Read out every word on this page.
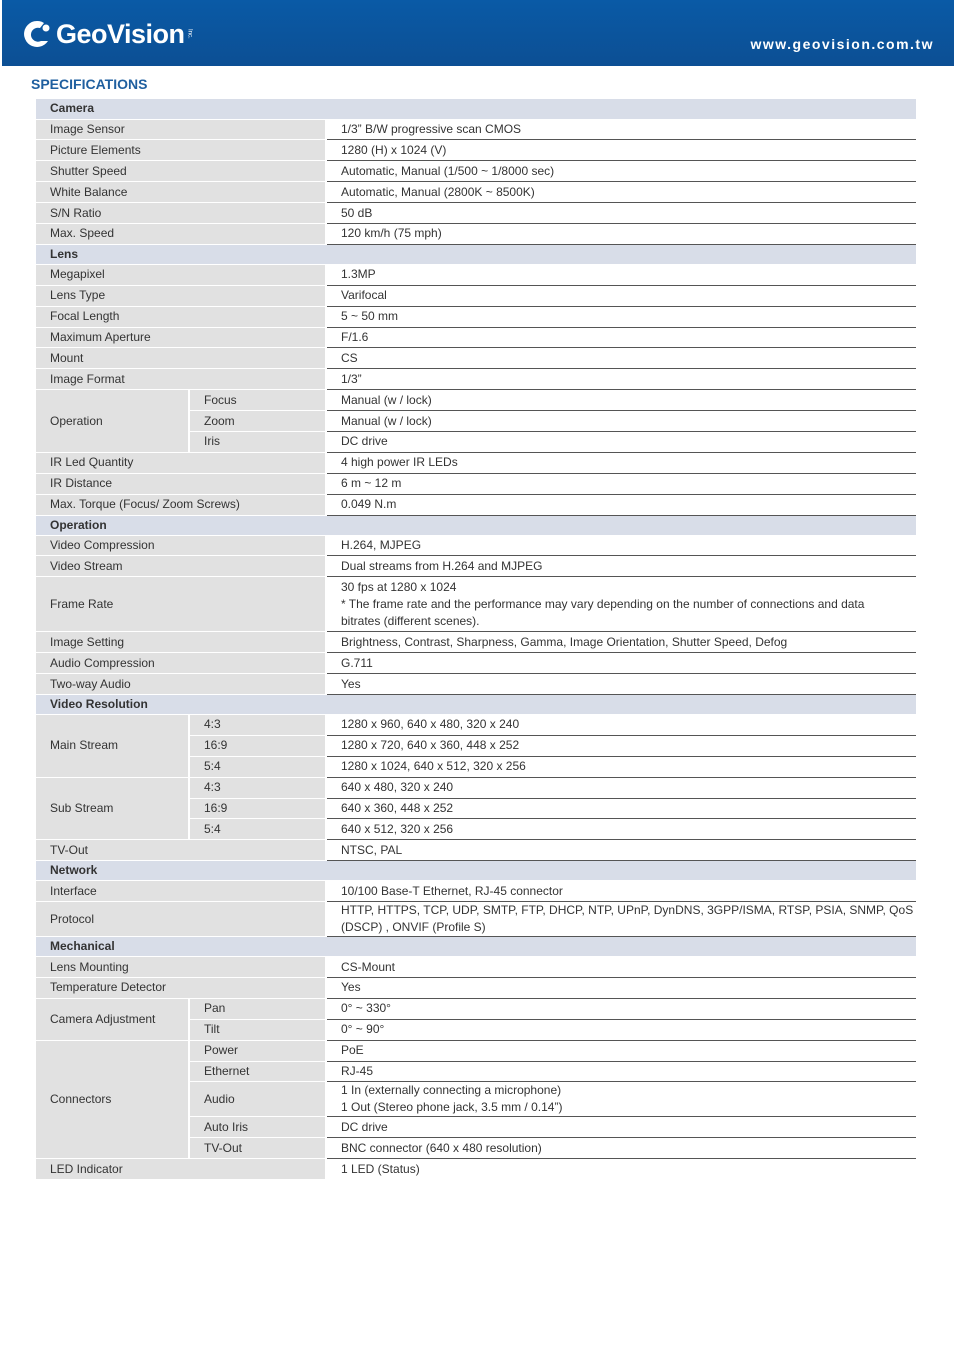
GeoVision Inc.
www.geovision.com.tw
SPECIFICATIONS
Camera		
Image Sensor		1/3” B/W progressive scan CMOS
Picture Elements		1280 (H) x 1024 (V)
Shutter Speed		Automatic, Manual (1/500 ~ 1/8000 sec)
White Balance		Automatic, Manual (2800K ~ 8500K)
S/N Ratio		50 dB
Max. Speed		120 km/h (75 mph)
Lens		
Megapixel		1.3MP
Lens Type		Varifocal
Focal Length		5 ~ 50 mm
Maximum Aperture		F/1.6
Mount		CS
Image Format		1/3”
Operation	Focus	Manual (w / lock)
	Zoom	Manual (w / lock)
	Iris	DC drive
IR Led Quantity		4 high power IR LEDs
IR Distance		6 m ~ 12 m
Max. Torque (Focus/ Zoom Screws)		0.049 N.m
Operation		
Video Compression		H.264, MJPEG
Video Stream		Dual streams from H.264 and MJPEG
Frame Rate		30 fps at 1280 x 1024
* The frame rate and the performance may vary depending on the number of connections and data
bitrates (different scenes).

Image Setting		Brightness, Contrast, Sharpness, Gamma, Image Orientation, Shutter Speed, Defog
Audio Compression		G.711
Two-way Audio		Yes
Video Resolution		
Main Stream	4:3	1280 x 960, 640 x 480, 320 x 240
	16:9	1280 x 720, 640 x 360, 448 x 252
	5:4	1280 x 1024, 640 x 512, 320 x 256
Sub Stream	4:3	640 x 480, 320 x 240
	16:9	640 x 360, 448 x 252
	5:4	640 x 512, 320 x 256
TV-Out		NTSC, PAL
Network		
Interface		10/100 Base-T Ethernet, RJ-45 connector
Protocol		HTTP, HTTPS, TCP, UDP, SMTP, FTP, DHCP, NTP, UPnP, DynDNS, 3GPP/ISMA, RTSP, PSIA, SNMP, QoS
(DSCP) , ONVIF (Profile S)

Mechanical		
Lens Mounting		CS-Mount
Temperature Detector		Yes
Camera Adjustment	Pan	0° ~ 330°
	Tilt	0° ~ 90°
Connectors	Power	PoE
	Ethernet	RJ-45
	Audio	1 In (externally connecting a microphone)
1 Out (Stereo phone jack, 3.5 mm / 0.14”)

	Auto Iris	DC drive
	TV-Out	BNC connector (640 x 480 resolution)
LED Indicator		1 LED (Status)
